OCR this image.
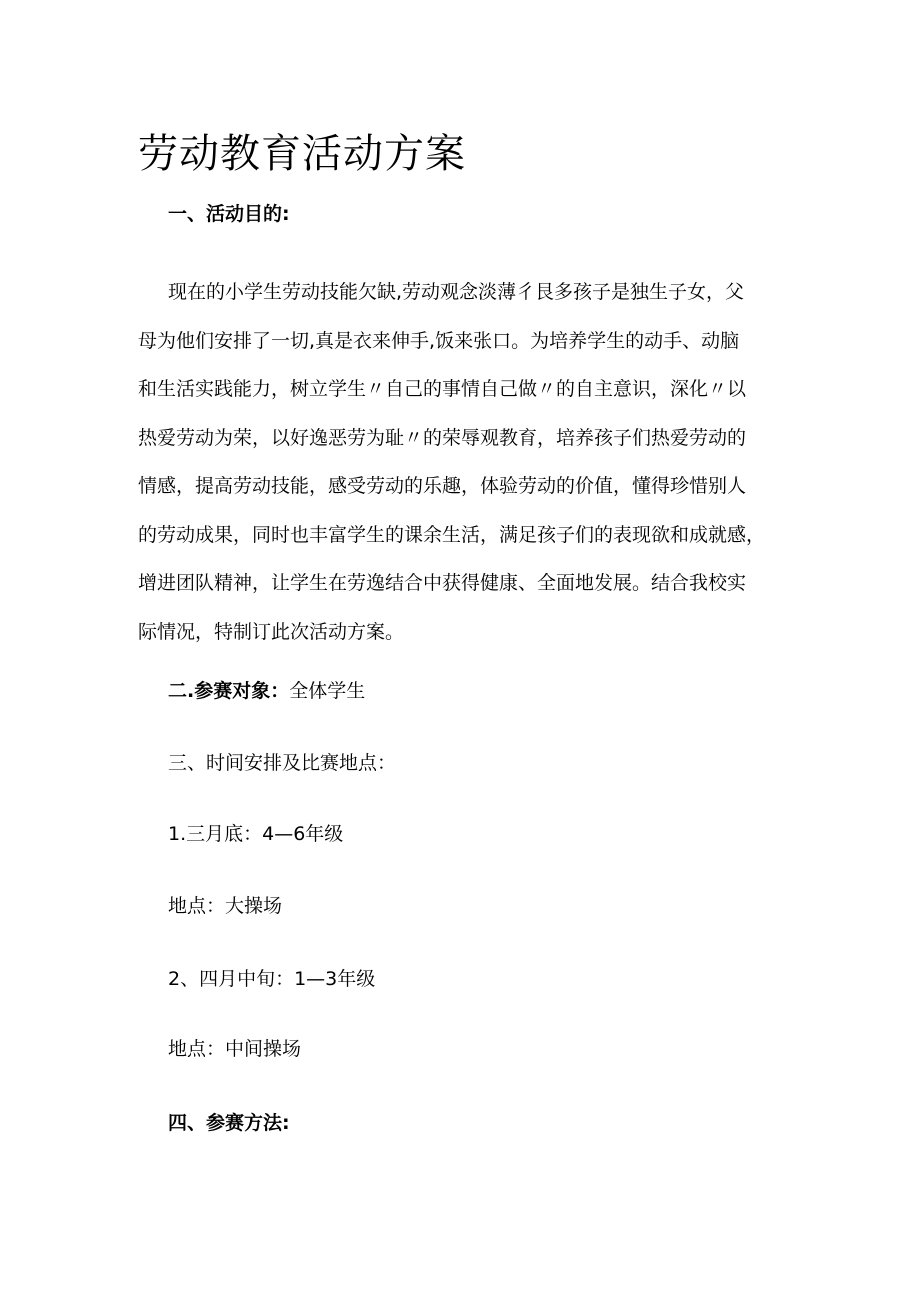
劳动教育活动方案
一、活动目的:
现在的小学生劳动技能欠缺,劳动观念淡薄彳艮多孩子是独生子女，父
母为他们安排了一切,真是衣来伸手,饭来张口。为培养学生的动手、动脑
和生活实践能力，树立学生〃自己的事情自己做〃的自主意识，深化〃以
热爱劳动为荣，以好逸恶劳为耻〃的荣辱观教育，培养孩子们热爱劳动的
情感，提高劳动技能，感受劳动的乐趣，体验劳动的价值，懂得珍惜别人
的劳动成果，同时也丰富学生的课余生活，满足孩子们的表现欲和成就感，
增进团队精神，让学生在劳逸结合中获得健康、全面地发展。结合我校实
际情况，特制订此次活动方案。
二.参赛对象：全体学生
三、时间安排及比赛地点：
1.三月底：4—6年级
地点：大操场
2、四月中旬：1—3年级
地点：中间操场
四、参赛方法:
